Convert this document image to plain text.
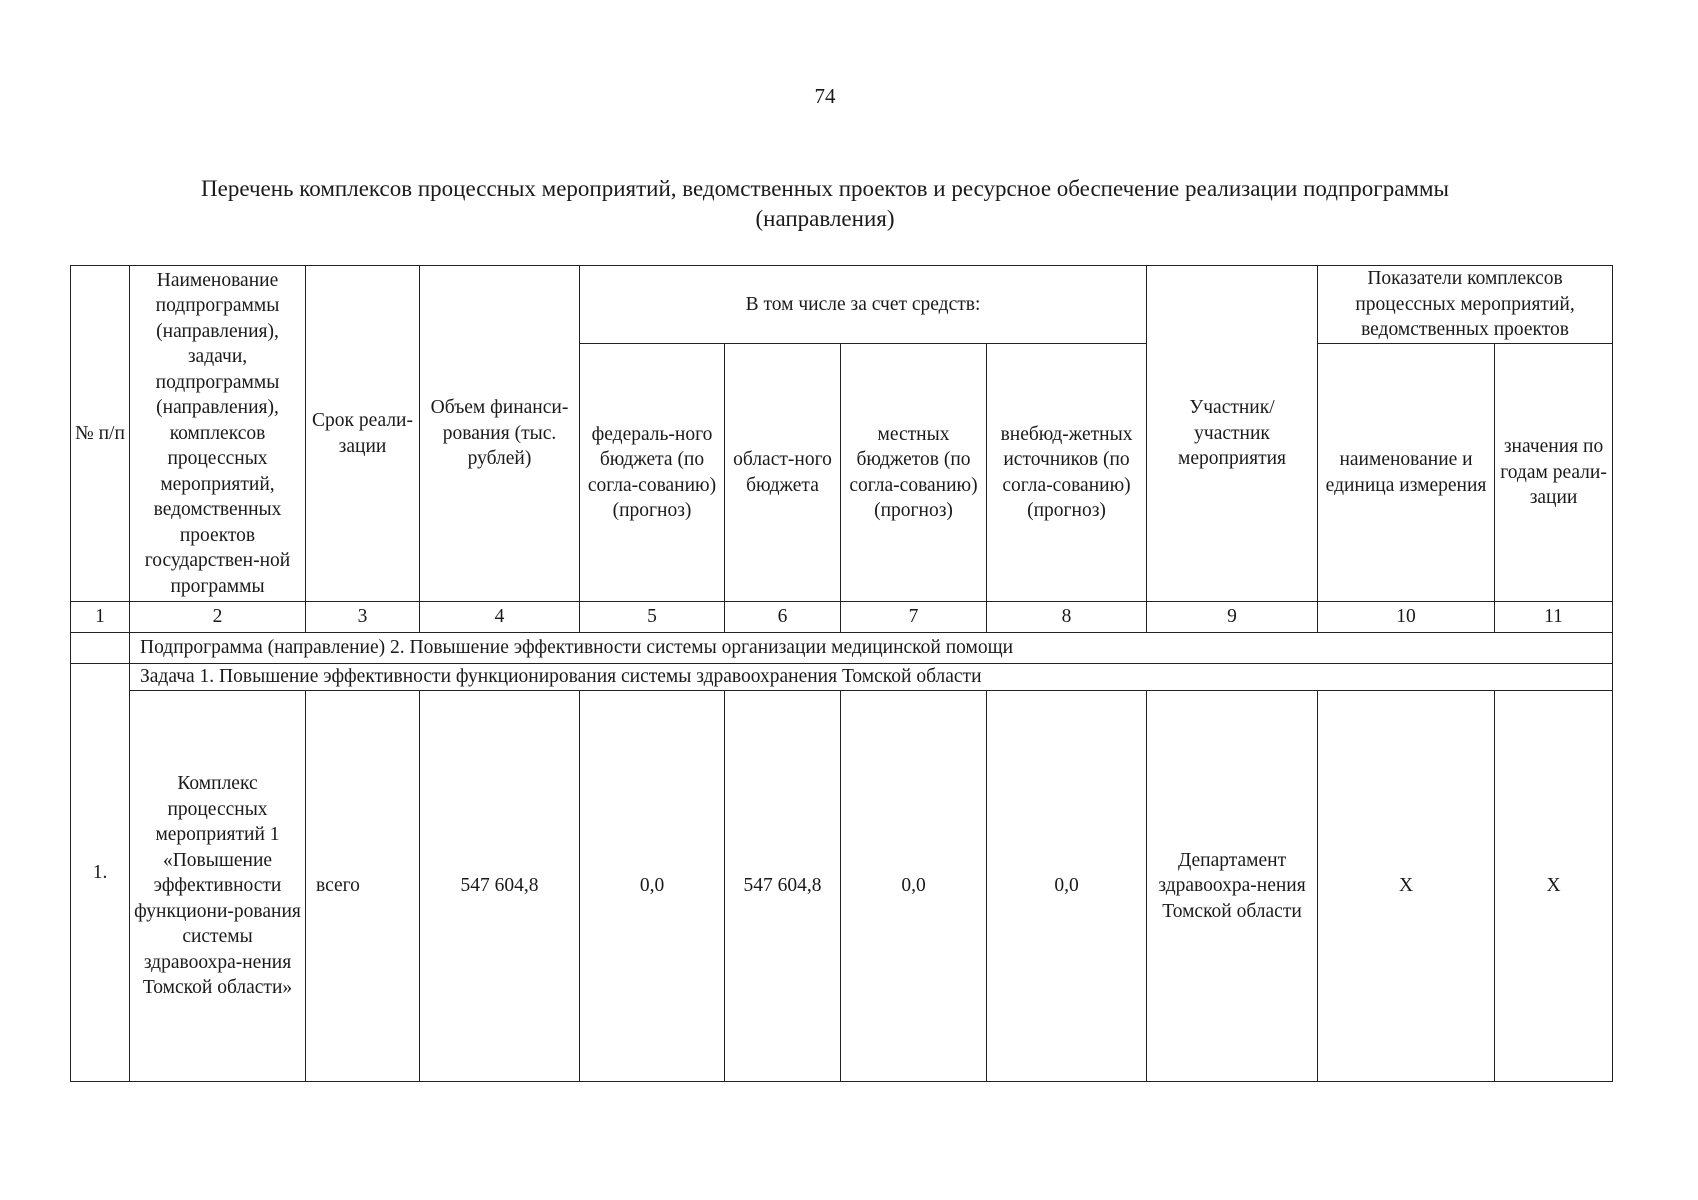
74
Перечень комплексов процессных мероприятий, ведомственных проектов и ресурсное обеспечение реализации подпрограммы
(направления)
№ п/п	Наименование подпрограммы (направления), задачи, подпрограммы (направления), комплексов процессных мероприятий, ведомственных проектов государствен-ной программы	Срок реали-зации	Объем финанси-рования (тыс. рублей)	В том числе за счет средств:				Участник/ участник мероприятия	Показатели комплексов процессных мероприятий, ведомственных проектов	
				федераль-ного бюджета (по согла-сованию) (прогноз)	област-ного бюджета	местных бюджетов (по согла-сованию) (прогноз)	внебюд-жетных источников (по согла-сованию) (прогноз)		наименование и единица измерения	значения по годам реали-зации
1	2	3	4	5	6	7	8	9	10	11
	Подпрограмма (направление) 2. Повышение эффективности системы организации медицинской помощи									
1.	Задача 1. Повышение эффективности функционирования системы здравоохранения Томской области									
	Комплекс процессных мероприятий 1 «Повышение эффективности функциони-рования системы здравоохра-нения Томской области»	всего	547 604,8	0,0	547 604,8	0,0	0,0	Департамент здравоохра-нения Томской области	Х	Х
